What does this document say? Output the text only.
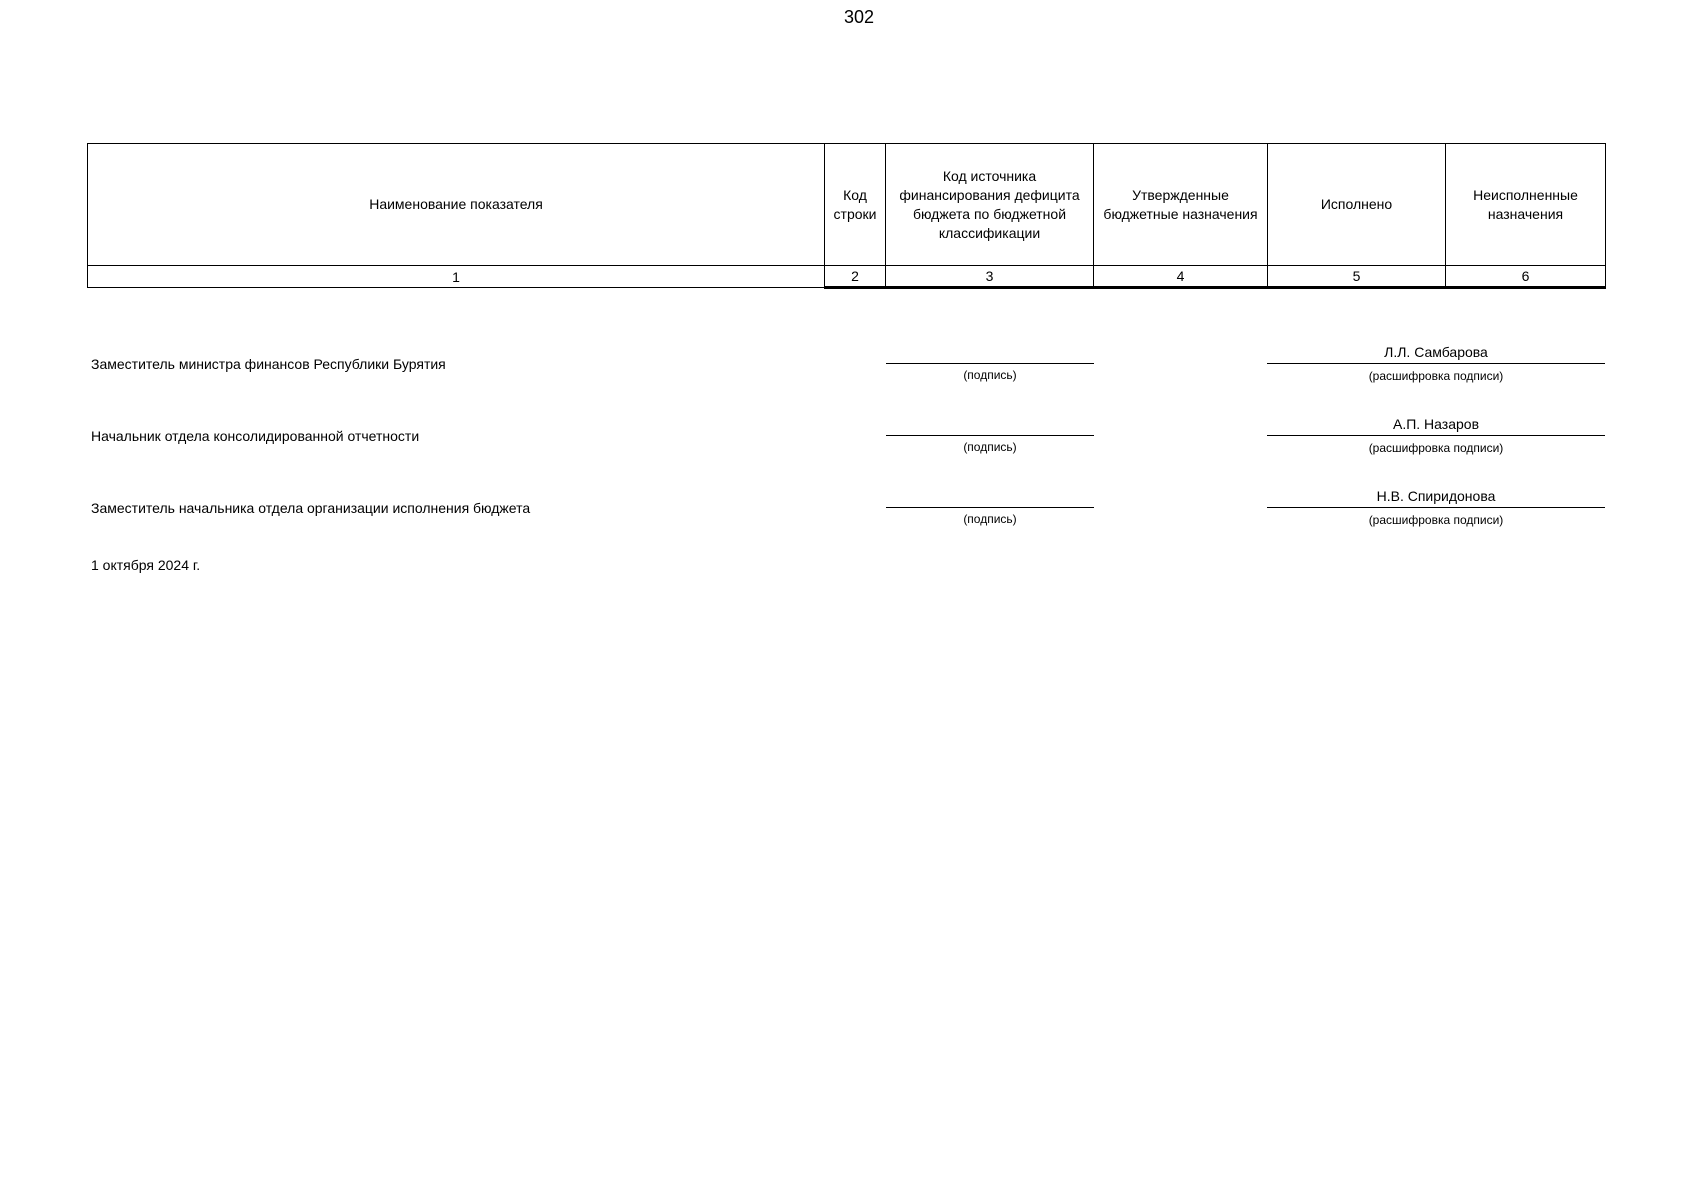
302
Наименование показателя	Код строки	Код источника финансирования дефицита бюджета по бюджетной классификации	Утвержденные бюджетные назначения	Исполнено	Неисполненные назначения
1	2	3	4	5	6
Заместитель министра финансов Республики Бурятия
(подпись)
Л.Л. Самбарова
(расшифровка подписи)
Начальник отдела консолидированной отчетности
(подпись)
А.П. Назаров
(расшифровка подписи)
Заместитель начальника отдела организации исполнения бюджета
(подпись)
Н.В. Спиридонова
(расшифровка подписи)
1 октября 2024 г.
